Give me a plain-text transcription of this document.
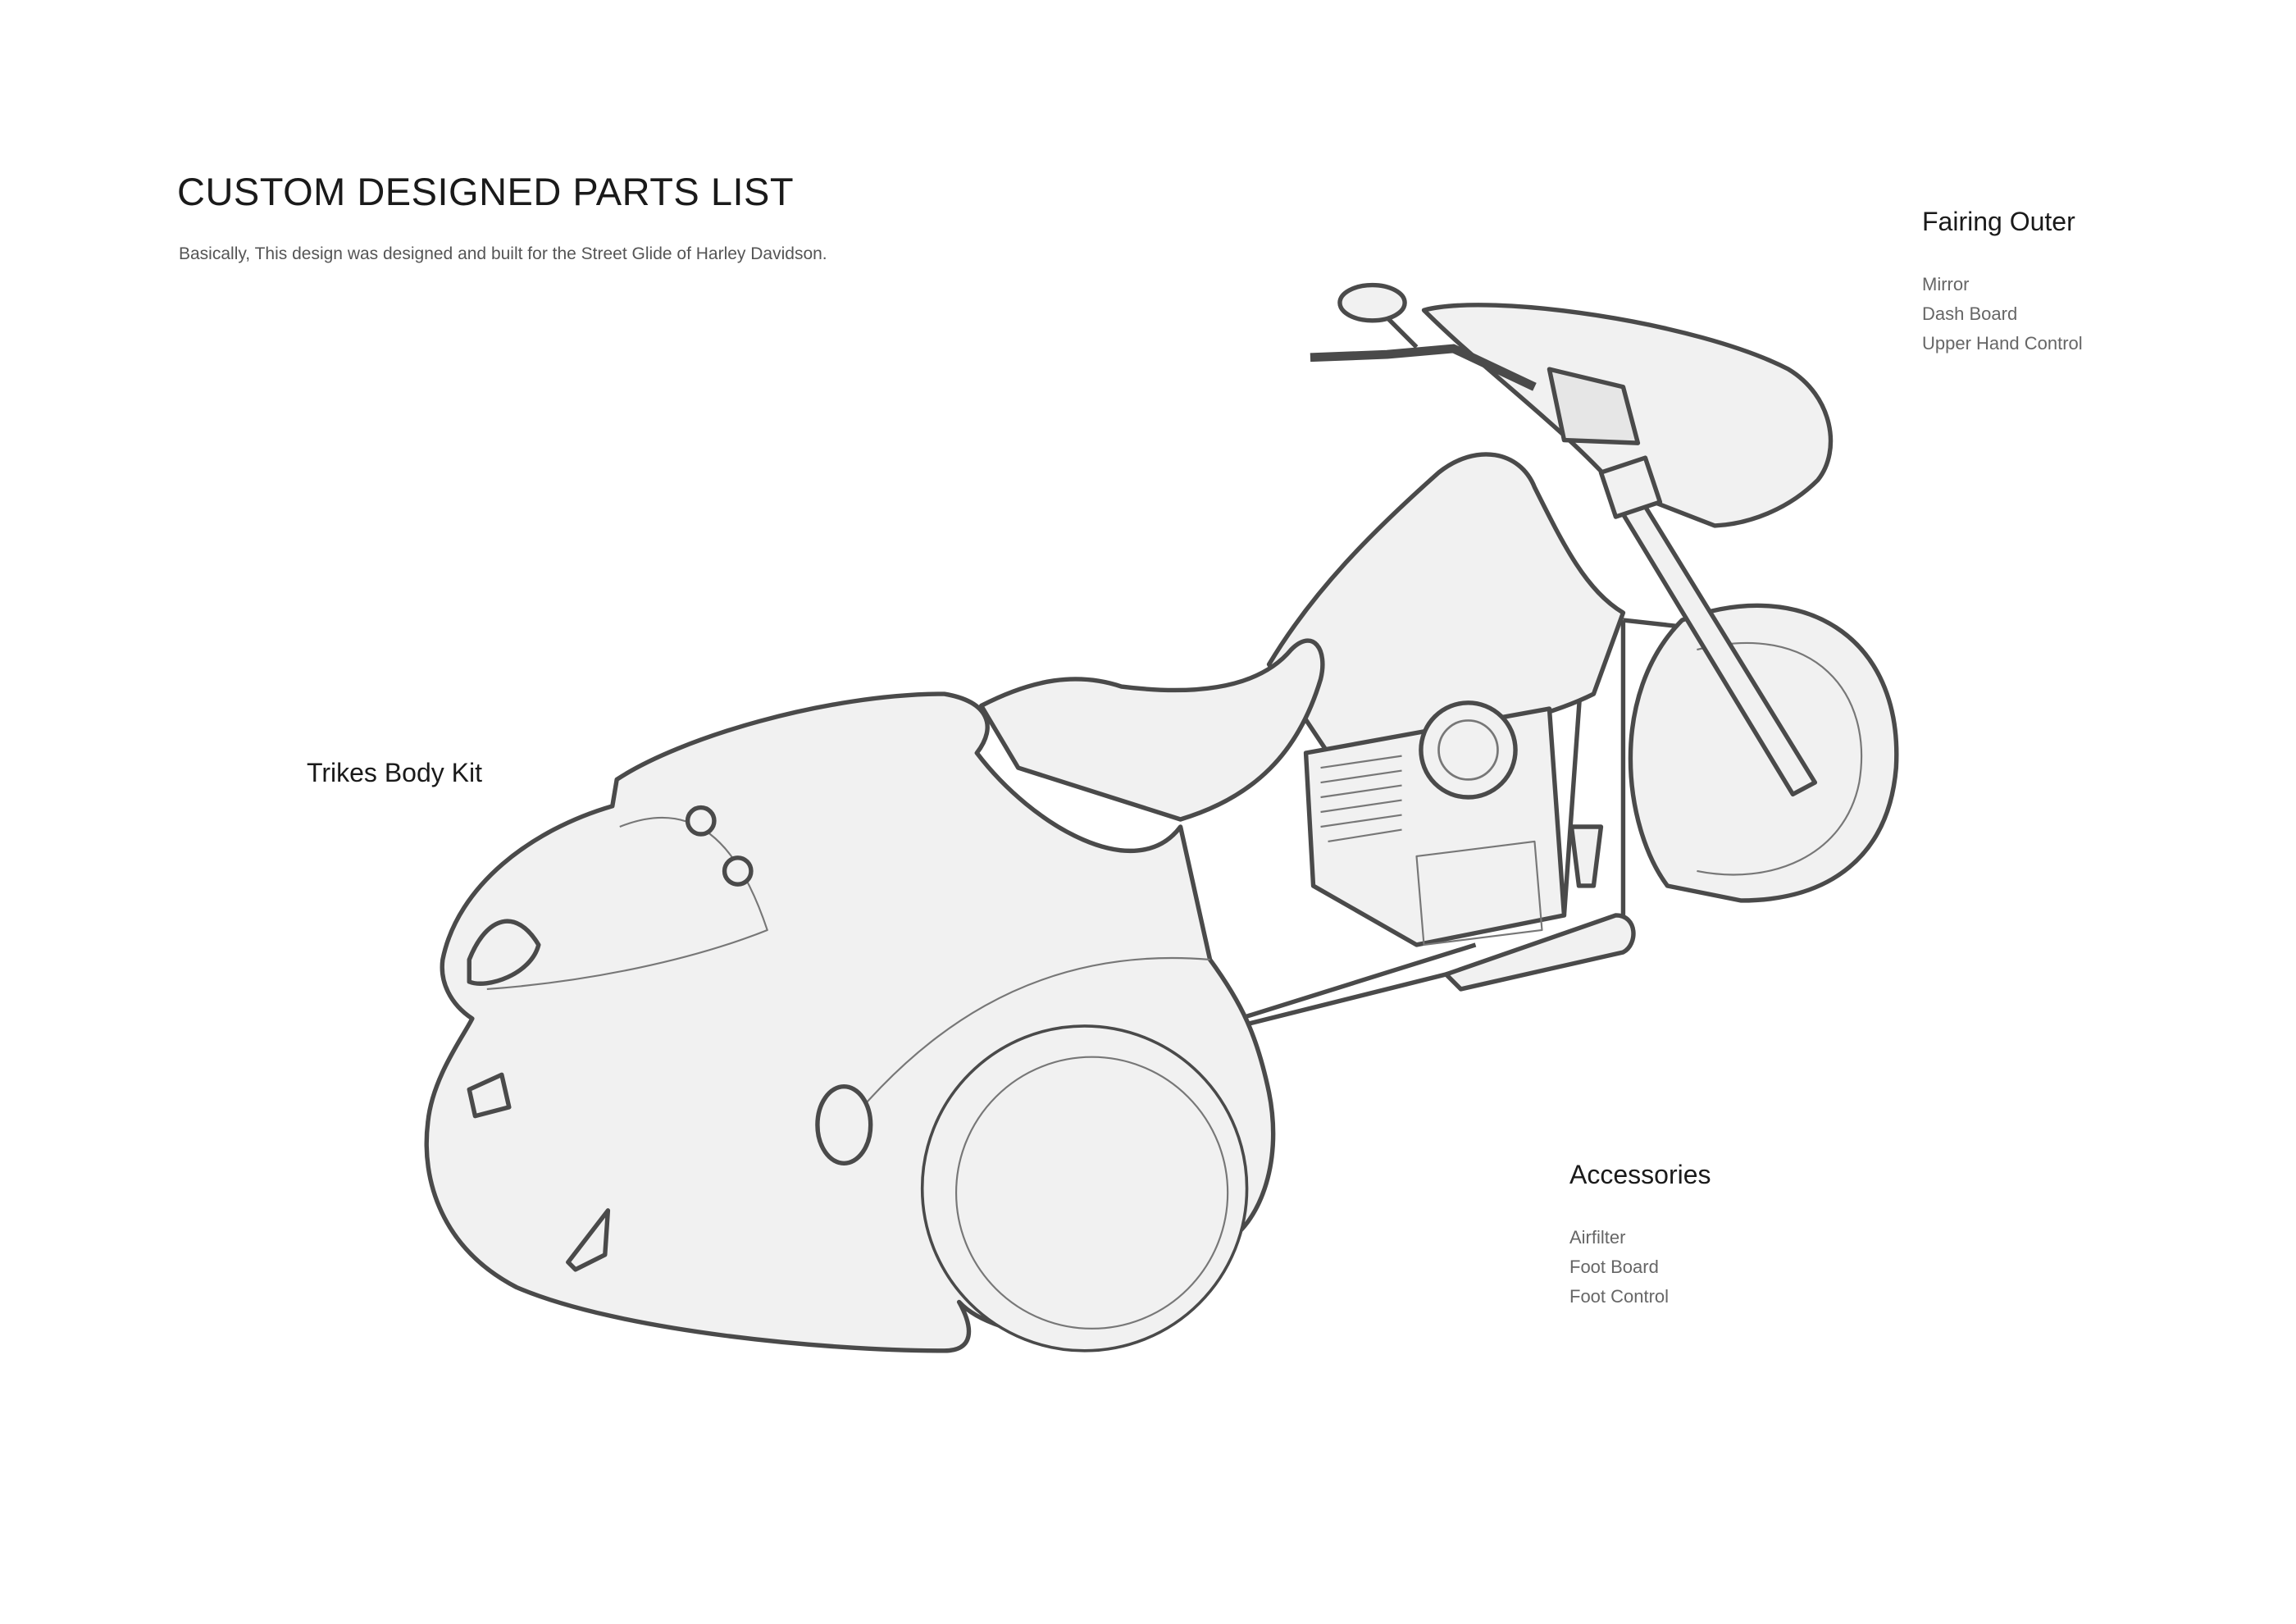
CUSTOM DESIGNED PARTS LIST
Basically, This design was designed and built for the Street Glide of Harley Davidson.
Fairing Outer
Mirror
Dash Board
Upper Hand Control
Trikes Body Kit
Accessories
Airfilter
Foot Board
Foot Control
